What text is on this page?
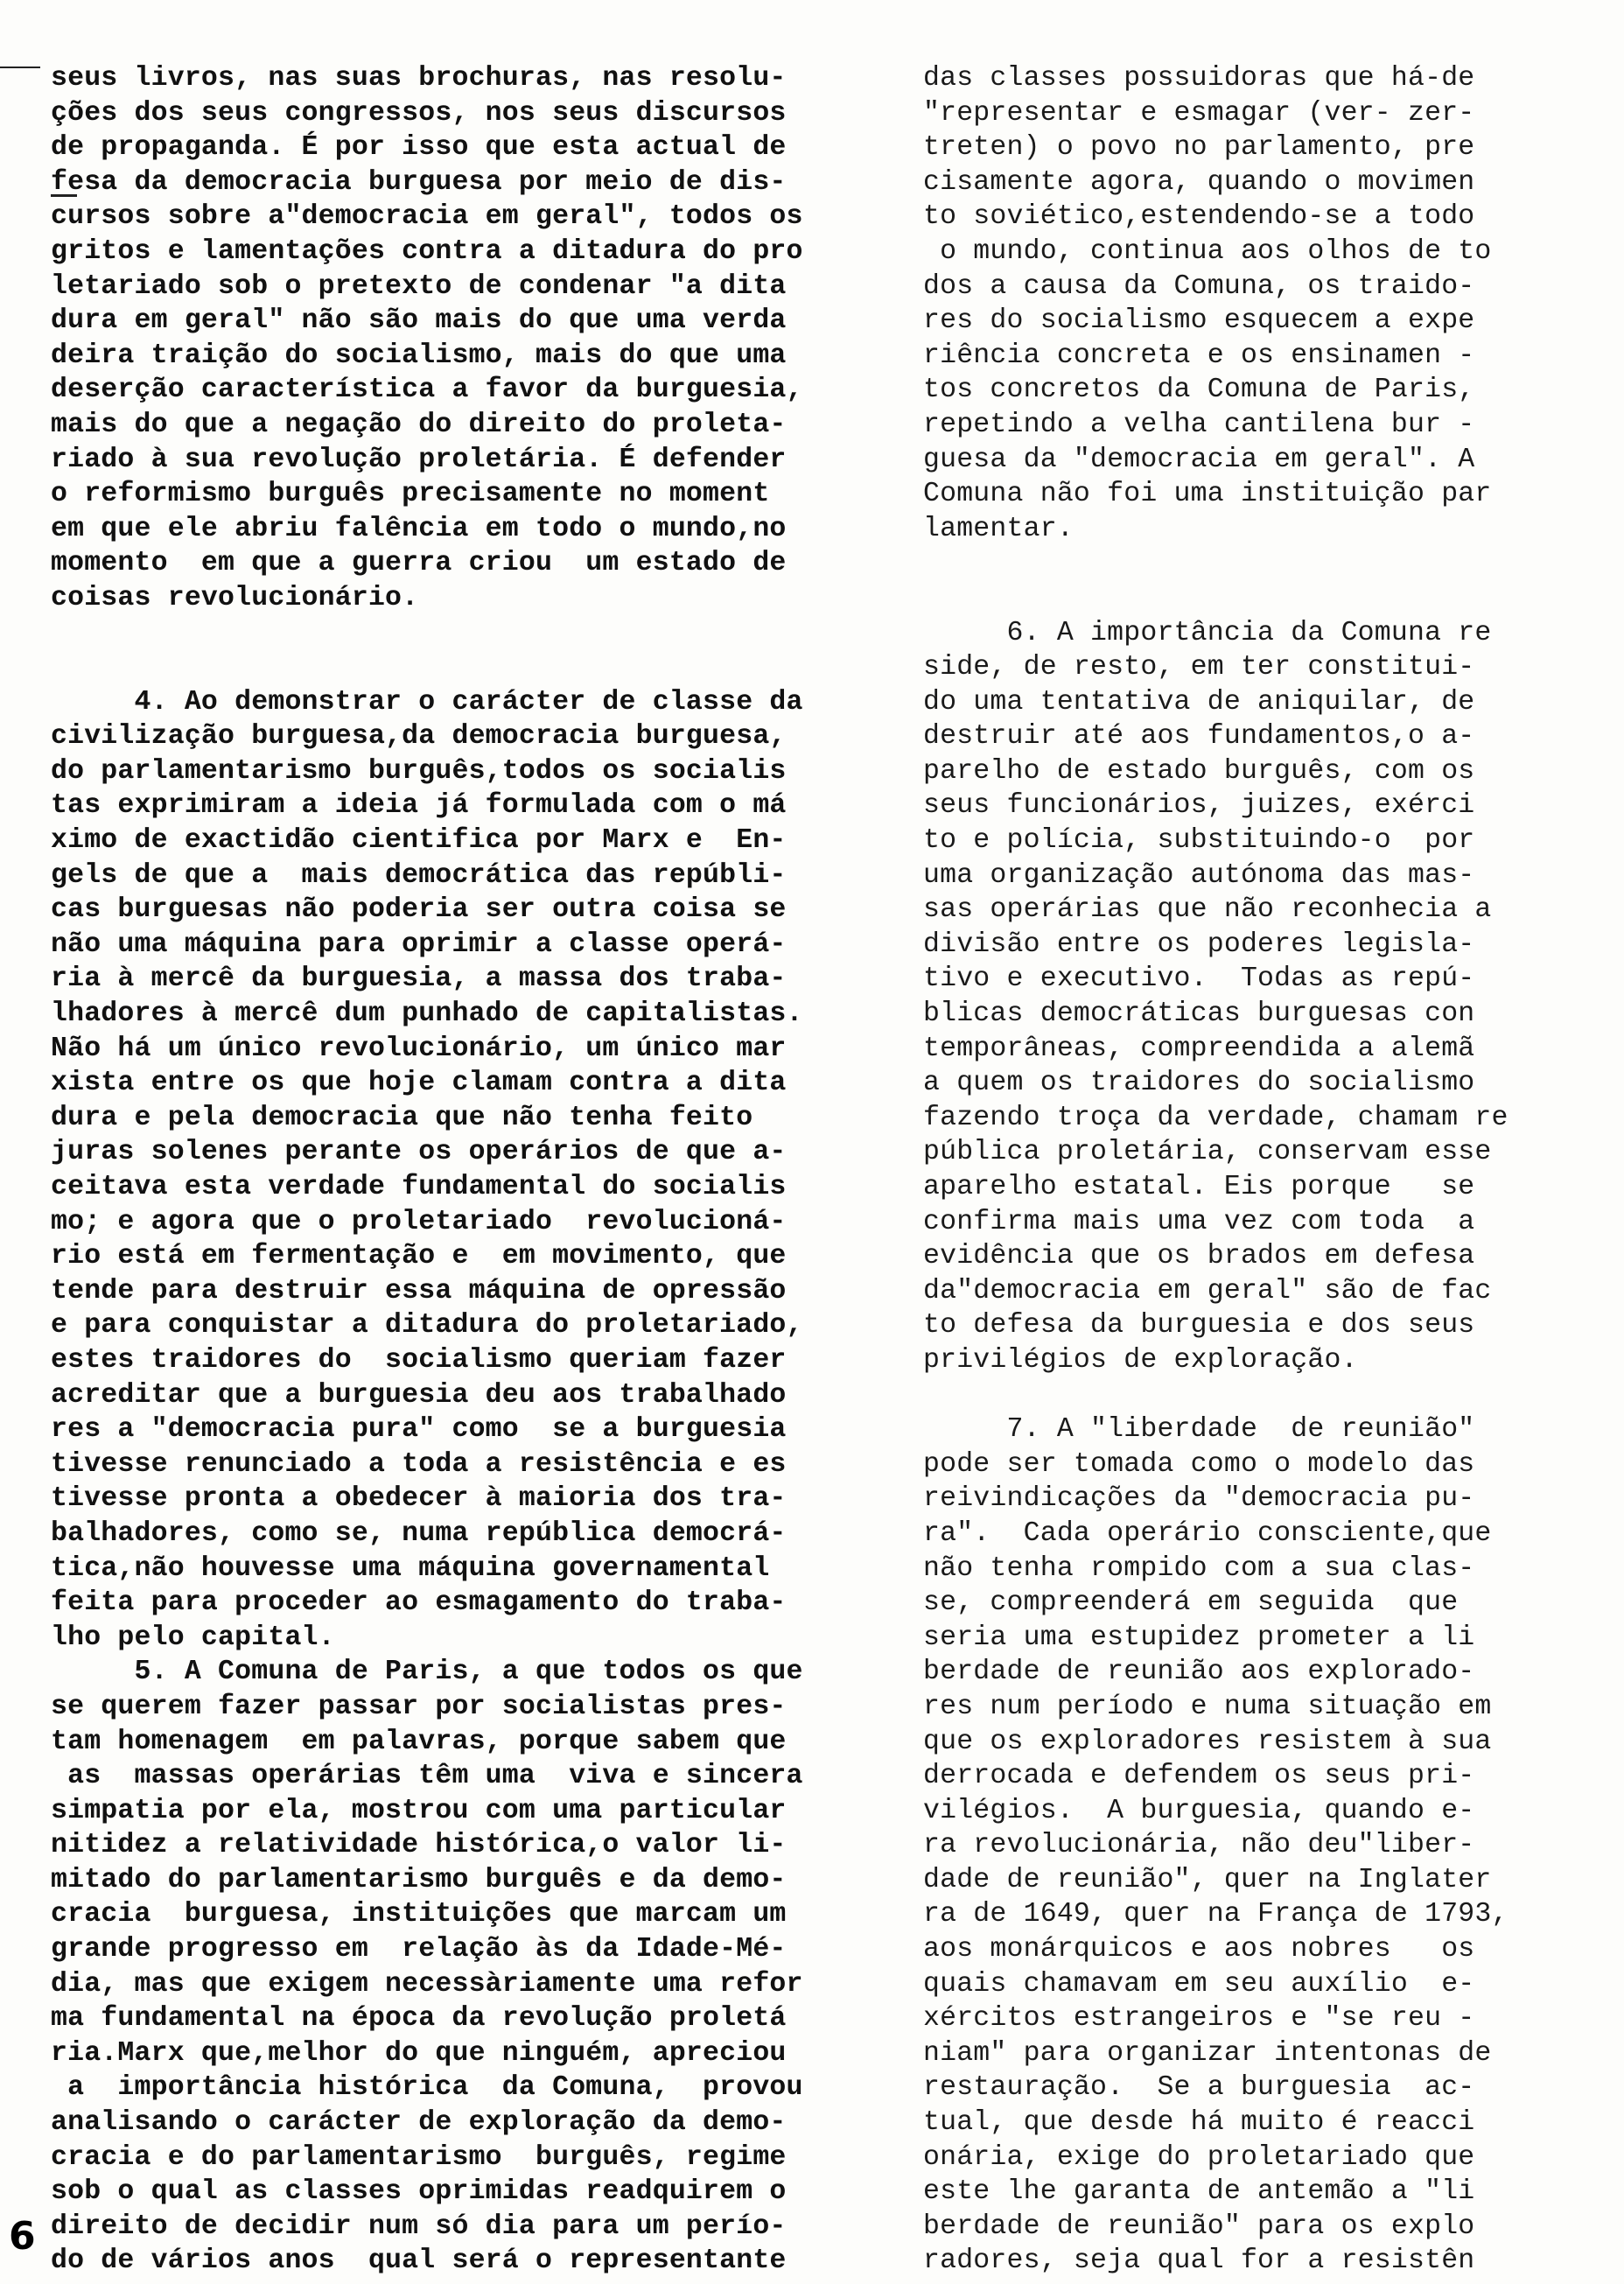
seus livros, nas suas brochuras, nas resolu-
ções dos seus congressos, nos seus discursos
de propaganda. É por isso que esta actual de
fesa da democracia burguesa por meio de dis-
cursos sobre a"democracia em geral", todos os
gritos e lamentações contra a ditadura do pro
letariado sob o pretexto de condenar "a dita
dura em geral" não são mais do que uma verda
deira traição do socialismo, mais do que uma
deserção característica a favor da burguesia,
mais do que a negação do direito do proleta-
riado à sua revolução proletária. É defender
o reformismo burguês precisamente no moment
em que ele abriu falência em todo o mundo,no
momento  em que a guerra criou  um estado de
coisas revolucionário.
4. Ao demonstrar o carácter de classe da
civilização burguesa,da democracia burguesa,
do parlamentarismo burguês,todos os socialis
tas exprimiram a ideia já formulada com o má
ximo de exactidão cientifica por Marx e  En-
gels de que a  mais democrática das repúbli-
cas burguesas não poderia ser outra coisa se
não uma máquina para oprimir a classe operá-
ria à mercê da burguesia, a massa dos traba-
lhadores à mercê dum punhado de capitalistas.
Não há um único revolucionário, um único mar
xista entre os que hoje clamam contra a dita
dura e pela democracia que não tenha feito
juras solenes perante os operários de que a-
ceitava esta verdade fundamental do socialis
mo; e agora que o proletariado  revolucioná-
rio está em fermentação e  em movimento, que
tende para destruir essa máquina de opressão
e para conquistar a ditadura do proletariado,
estes traidores do  socialismo queriam fazer
acreditar que a burguesia deu aos trabalhado
res a "democracia pura" como  se a burguesia
tivesse renunciado a toda a resistência e es
tivesse pronta a obedecer à maioria dos tra-
balhadores, como se, numa república democrá-
tica,não houvesse uma máquina governamental
feita para proceder ao esmagamento do traba-
lho pelo capital.
5. A Comuna de Paris, a que todos os que
se querem fazer passar por socialistas pres-
tam homenagem  em palavras, porque sabem que
as  massas operárias têm uma  viva e sincera
simpatia por ela, mostrou com uma particular
nitidez a relatividade histórica,o valor li-
mitado do parlamentarismo burguês e da demo-
cracia  burguesa, instituições que marcam um
grande progresso em  relação às da Idade-Mé-
dia, mas que exigem necessàriamente uma refor
ma fundamental na época da revolução proletá
ria.Marx que,melhor do que ninguém, apreciou
a  importância histórica  da Comuna,  provou
analisando o carácter de exploração da demo-
cracia e do parlamentarismo  burguês, regime
sob o qual as classes oprimidas readquirem o
direito de decidir num só dia para um perío-
do de vários anos  qual será o representante
das classes possuidoras que há-de
"representar e esmagar (ver- zer-
treten) o povo no parlamento, pre
cisamente agora, quando o movimen
to soviético,estendendo-se a todo
o mundo, continua aos olhos de to
dos a causa da Comuna, os traido-
res do socialismo esquecem a expe
riência concreta e os ensinamen -
tos concretos da Comuna de Paris,
repetindo a velha cantilena bur -
guesa da "democracia em geral". A
Comuna não foi uma instituição par
lamentar.
6. A importância da Comuna re
side, de resto, em ter constitui-
do uma tentativa de aniquilar, de
destruir até aos fundamentos,o a-
parelho de estado burguês, com os
seus funcionários, juizes, exérci
to e polícia, substituindo-o  por
uma organização autónoma das mas-
sas operárias que não reconhecia a
divisão entre os poderes legisla-
tivo e executivo.  Todas as repú-
blicas democráticas burguesas con
temporâneas, compreendida a alemã
a quem os traidores do socialismo
fazendo troça da verdade, chamam re
pública proletária, conservam esse
aparelho estatal. Eis porque   se
confirma mais uma vez com toda  a
evidência que os brados em defesa
da"democracia em geral" são de fac
to defesa da burguesia e dos seus
privilégios de exploração.
7. A "liberdade  de reunião"
pode ser tomada como o modelo das
reivindicações da "democracia pu-
ra".  Cada operário consciente,que
não tenha rompido com a sua clas-
se, compreenderá em seguida  que
seria uma estupidez prometer a li
berdade de reunião aos explorado-
res num período e numa situação em
que os exploradores resistem à sua
derrocada e defendem os seus pri-
vilégios.  A burguesia, quando e-
ra revolucionária, não deu"liber-
dade de reunião", quer na Inglater
ra de 1649, quer na França de 1793,
aos monárquicos e aos nobres   os
quais chamavam em seu auxílio  e-
xércitos estrangeiros e "se reu -
niam" para organizar intentonas de
restauração.  Se a burguesia  ac-
tual, que desde há muito é reacci
onária, exige do proletariado que
este lhe garanta de antemão a "li
berdade de reunião" para os explo
radores, seja qual for a resistên
6
